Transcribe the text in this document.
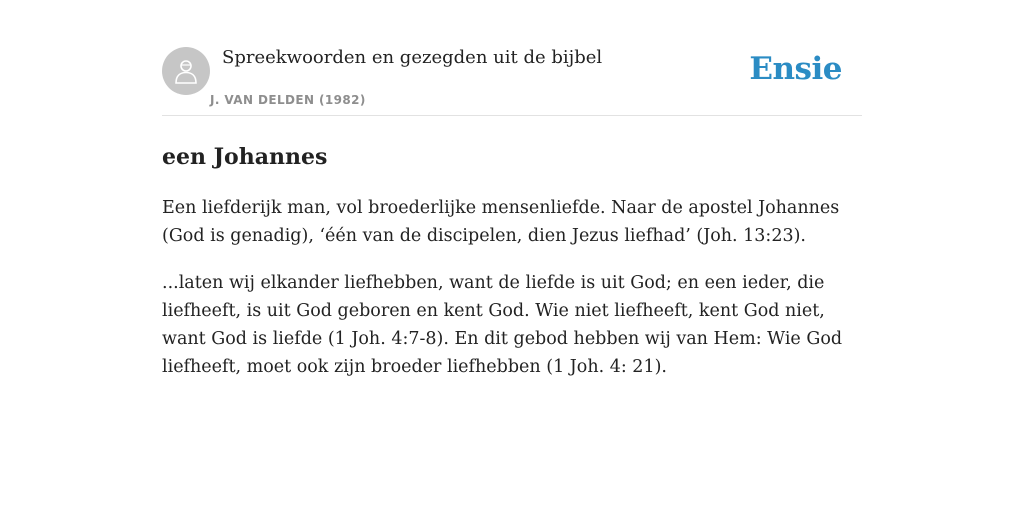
Spreekwoorden en gezegden uit de bijbel
J. VAN DELDEN (1982)
Ensie
een Johannes

Een liefderijk man, vol broederlijke mensenliefde. Naar de apostel Johannes (God is genadig), ‘één van de discipelen, dien Jezus liefhad’ (Joh. 13:23).

...laten wij elkander liefhebben, want de liefde is uit God; en een ieder, die liefheeft, is uit God geboren en kent God. Wie niet liefheeft, kent God niet, want God is liefde (1 Joh. 4:7-8). En dit gebod hebben wij van Hem: Wie God liefheeft, moet ook zijn broeder liefhebben (1 Joh. 4: 21).
